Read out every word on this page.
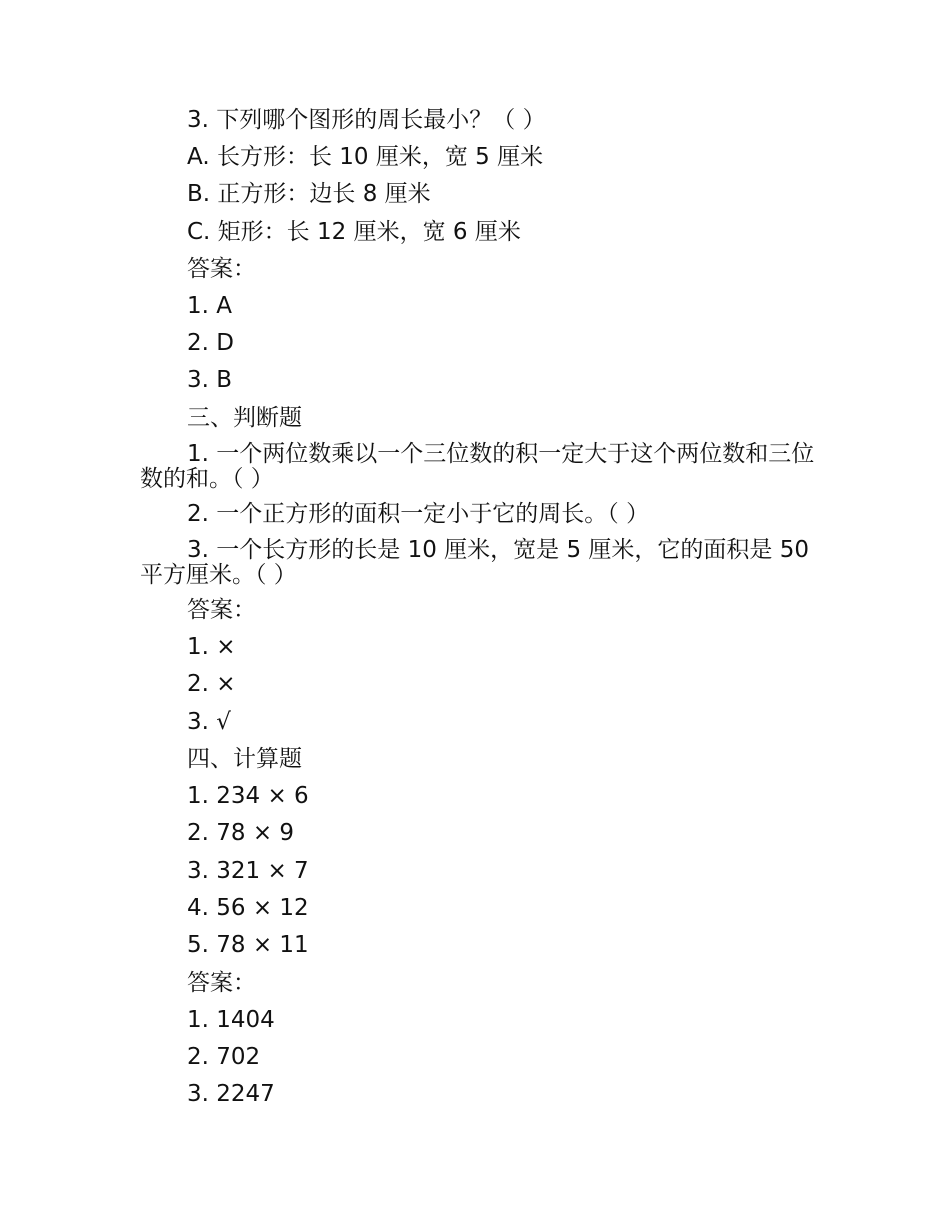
3. 下列哪个图形的周长最小？（ ）
A. 长方形：长 10 厘米，宽 5 厘米
B. 正方形：边长 8 厘米
C. 矩形：长 12 厘米，宽 6 厘米
答案：
1. A
2. D
3. B
三、判断题
1. 一个两位数乘以一个三位数的积一定大于这个两位数和三位数的和。（ ）
2. 一个正方形的面积一定小于它的周长。（ ）
3. 一个长方形的长是 10 厘米，宽是 5 厘米，它的面积是 50 平方厘米。（ ）
答案：
1. ×
2. ×
3. √
四、计算题
1. 234 × 6
2. 78 × 9
3. 321 × 7
4. 56 × 12
5. 78 × 11
答案：
1. 1404
2. 702
3. 2247
